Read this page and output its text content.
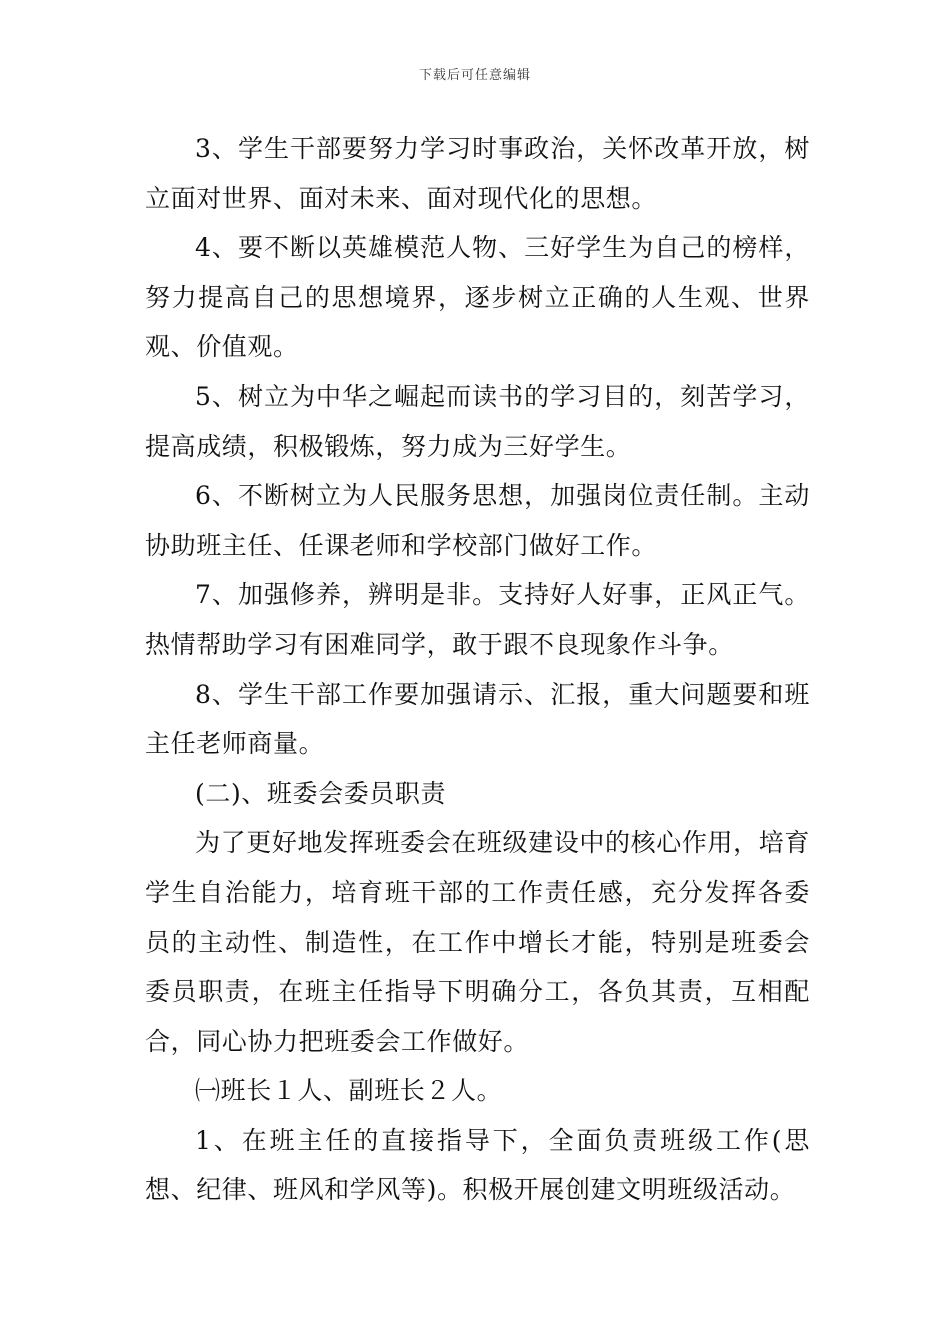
下载后可任意编辑

3、学生干部要努力学习时事政治，关怀改革开放，树立面对世界、面对未来、面对现代化的思想。

4、要不断以英雄模范人物、三好学生为自己的榜样，努力提高自己的思想境界，逐步树立正确的人生观、世界观、价值观。

5、树立为中华之崛起而读书的学习目的，刻苦学习，提高成绩，积极锻炼，努力成为三好学生。

6、不断树立为人民服务思想，加强岗位责任制。主动协助班主任、任课老师和学校部门做好工作。

7、加强修养，辨明是非。支持好人好事，正风正气。热情帮助学习有困难同学，敢于跟不良现象作斗争。

8、学生干部工作要加强请示、汇报，重大问题要和班主任老师商量。

(二)、班委会委员职责

为了更好地发挥班委会在班级建设中的核心作用，培育学生自治能力，培育班干部的工作责任感，充分发挥各委员的主动性、制造性，在工作中增长才能，特别是班委会委员职责，在班主任指导下明确分工，各负其责，互相配合，同心协力把班委会工作做好。

㈠班长１人、副班长２人。

1、在班主任的直接指导下，全面负责班级工作(思想、纪律、班风和学风等)。积极开展创建文明班级活动。
